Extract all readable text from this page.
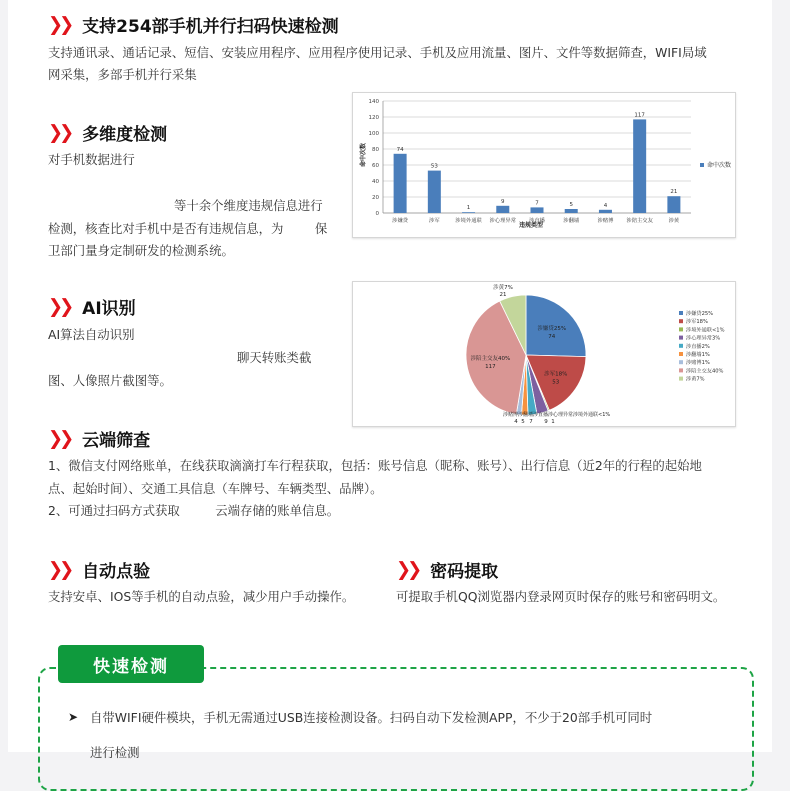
❯❯ 支持254部手机并行扫码快速检测
支持通讯录、通话记录、短信、安装应用程序、应用程序使用记录、手机及应用流量、图片、文件等数据筛查，WIFI局域
网采集，多部手机并行采集
❯❯ 多维度检测
对手机数据进行
等十余个维度违规信息进行
检测，核查比对手机中是否有违规信息，为        保
卫部门量身定制研发的检测系统。
0
20
40
60
80
100
120
140
74
53
1
9	7	5	4
117
21
涉嫌贷	涉军	涉境外通联 涉心理异常 涉直播	涉翻墙	涉赌博 涉陪主交友	涉黄
命中次数
违规类型
命中次数
❯❯ AI识别
AI算法自动识别
聊天转账类截
图、人像照片截图等。
涉嫌贷25%
74
涉军18%
53
涉陪主交友40%
117
涉黄7%
21
涉赌博涉翻墙涉直播涉心理异常涉境外通联<1%
4 5 7 9 1
涉嫌贷25%
涉军18%
涉境外通联<1%
涉心理异常3%
涉直播2%
涉翻墙1%
涉赌博1%
涉陪主交友40%
涉黄7%
❯❯ 云端筛查
1、微信支付网络账单，在线获取滴滴打车行程获取，包括：账号信息（昵称、账号）、出行信息（近2年的行程的起始地
点、起始时间）、交通工具信息（车牌号、车辆类型、品牌）。
2、可通过扫码方式获取         云端存储的账单信息。
❯❯ 自动点验
支持安卓、IOS等手机的自动点验，减少用户手动操作。
❯❯ 密码提取
可提取手机QQ浏览器内登录网页时保存的账号和密码明文。
快速检测
➤ 自带WIFI硬件模块，手机无需通过USB连接检测设备。扫码自动下发检测APP，不少于20部手机可同时
进行检测
